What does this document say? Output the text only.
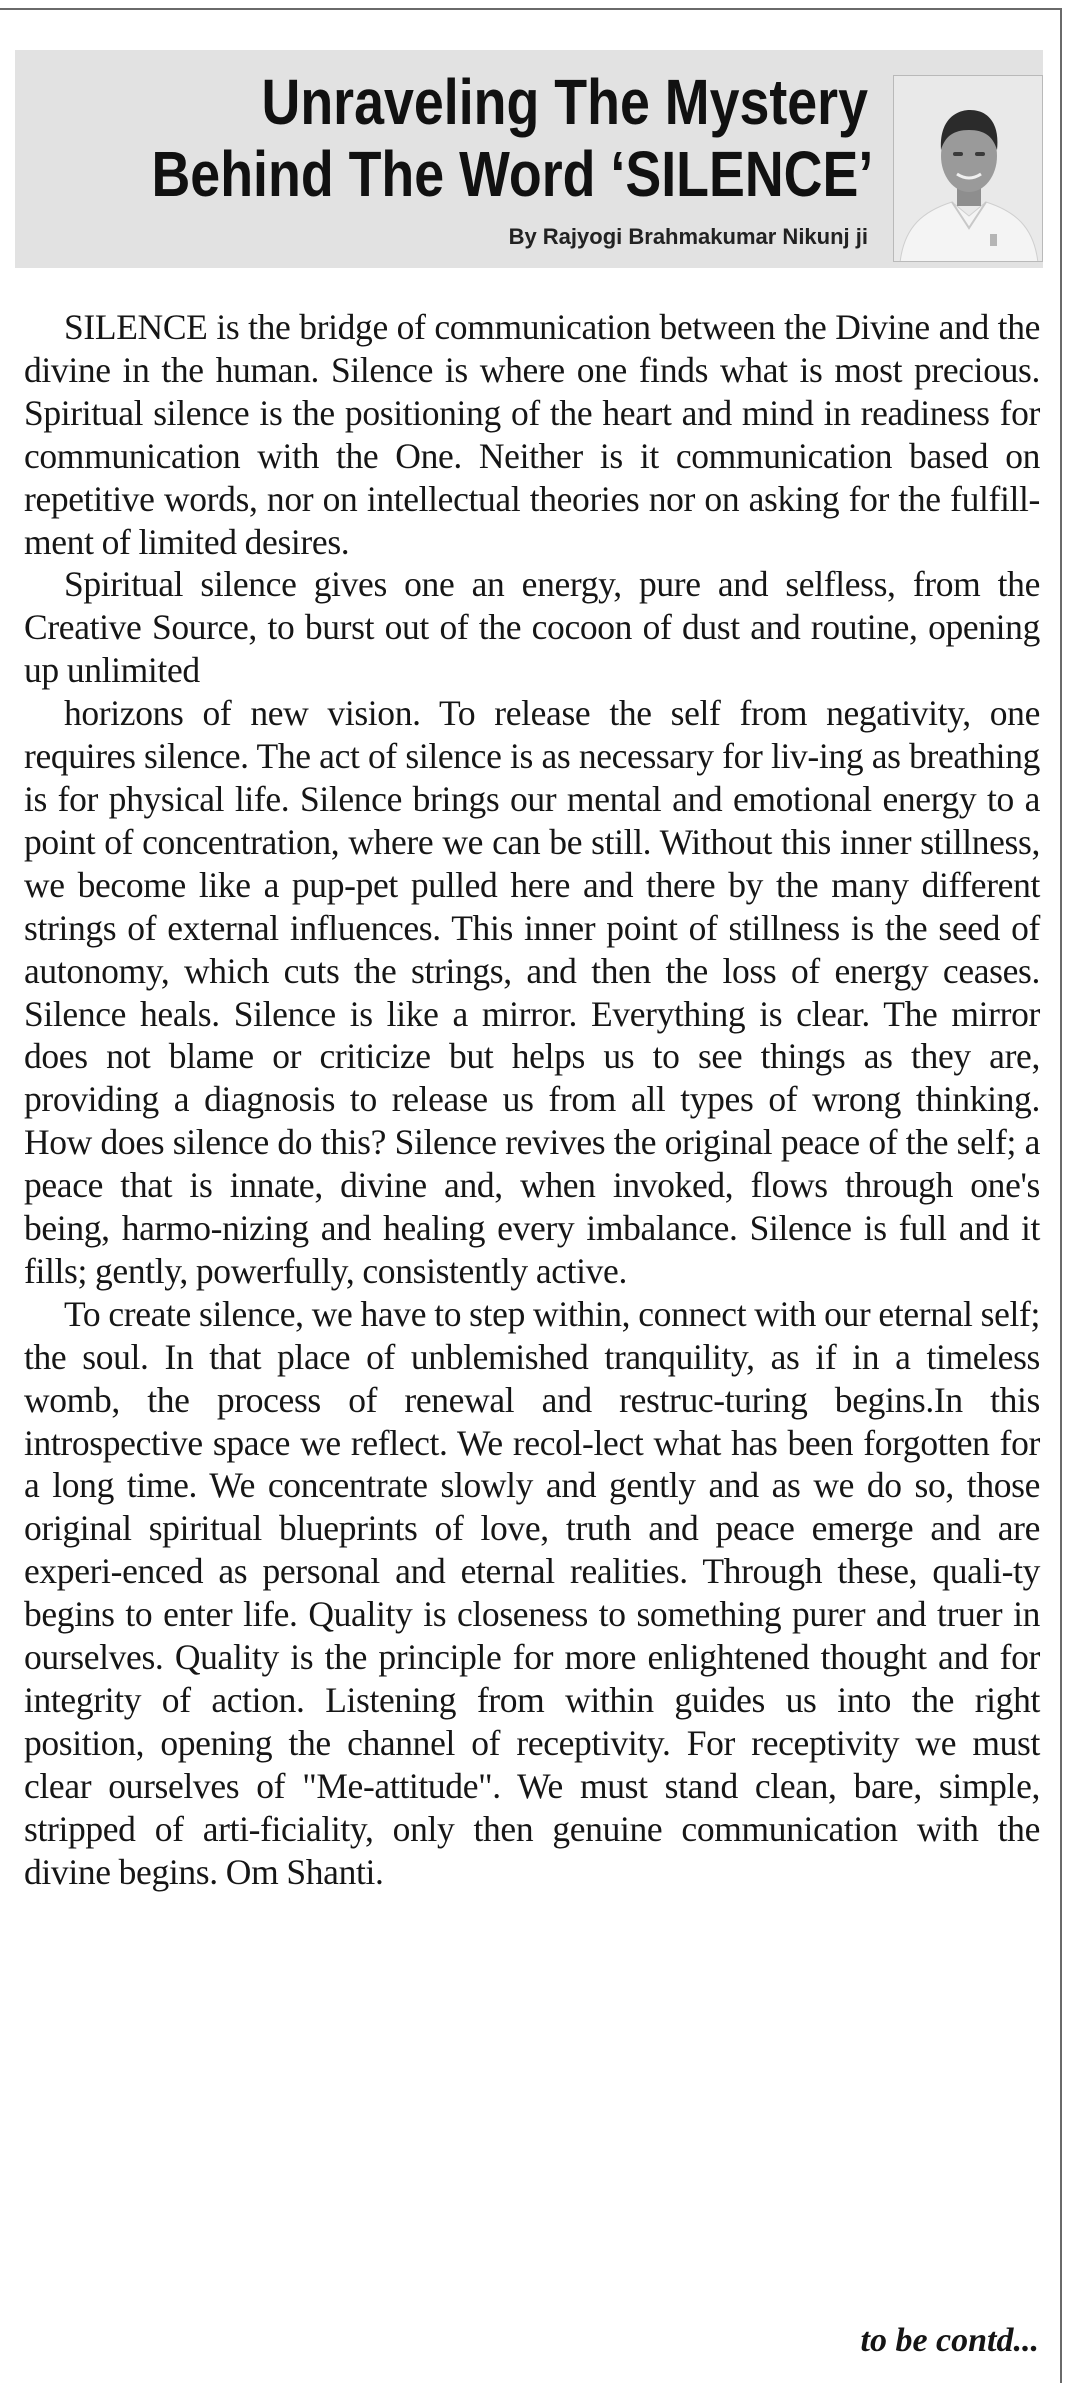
Unraveling The Mystery
Behind The Word ‘SILENCE’
By Rajyogi Brahmakumar Nikunj ji

SILENCE is the bridge of communication between the Divine and the divine in the human. Silence is where one finds what is most precious. Spiritual silence is the positioning of the heart and mind in readiness for communication with the One. Neither is it communication based on repetitive words, nor on intellectual theories nor on asking for the fulfill-ment of limited desires.

Spiritual silence gives one an energy, pure and selfless, from the Creative Source, to burst out of the cocoon of dust and routine, opening up unlimited

horizons of new vision. To release the self from negativity, one requires silence. The act of silence is as necessary for liv-ing as breathing is for physical life. Silence brings our mental and emotional energy to a point of concentration, where we can be still. Without this inner stillness, we become like a pup-pet pulled here and there by the many different strings of external influences. This inner point of stillness is the seed of autonomy, which cuts the strings, and then the loss of energy ceases. Silence heals. Silence is like a mirror. Everything is clear. The mirror does not blame or criticize but helps us to see things as they are, providing a diagnosis to release us from all types of wrong thinking. How does silence do this? Silence revives the original peace of the self; a peace that is innate, divine and, when invoked, flows through one's being, harmo-nizing and healing every imbalance. Silence is full and it fills; gently, powerfully, consistently active.

To create silence, we have to step within, connect with our eternal self; the soul. In that place of unblemished tranquility, as if in a timeless womb, the process of renewal and restruc-turing begins.In this introspective space we reflect. We recol-lect what has been forgotten for a long time. We concentrate slowly and gently and as we do so, those original spiritual blueprints of love, truth and peace emerge and are experi-enced as personal and eternal realities. Through these, quali-ty begins to enter life. Quality is closeness to something purer and truer in ourselves. Quality is the principle for more enlightened thought and for integrity of action. Listening from within guides us into the right position, opening the channel of receptivity. For receptivity we must clear ourselves of "Me-attitude". We must stand clean, bare, simple, stripped of arti-ficiality, only then genuine communication with the divine begins. Om Shanti.

to be contd...
